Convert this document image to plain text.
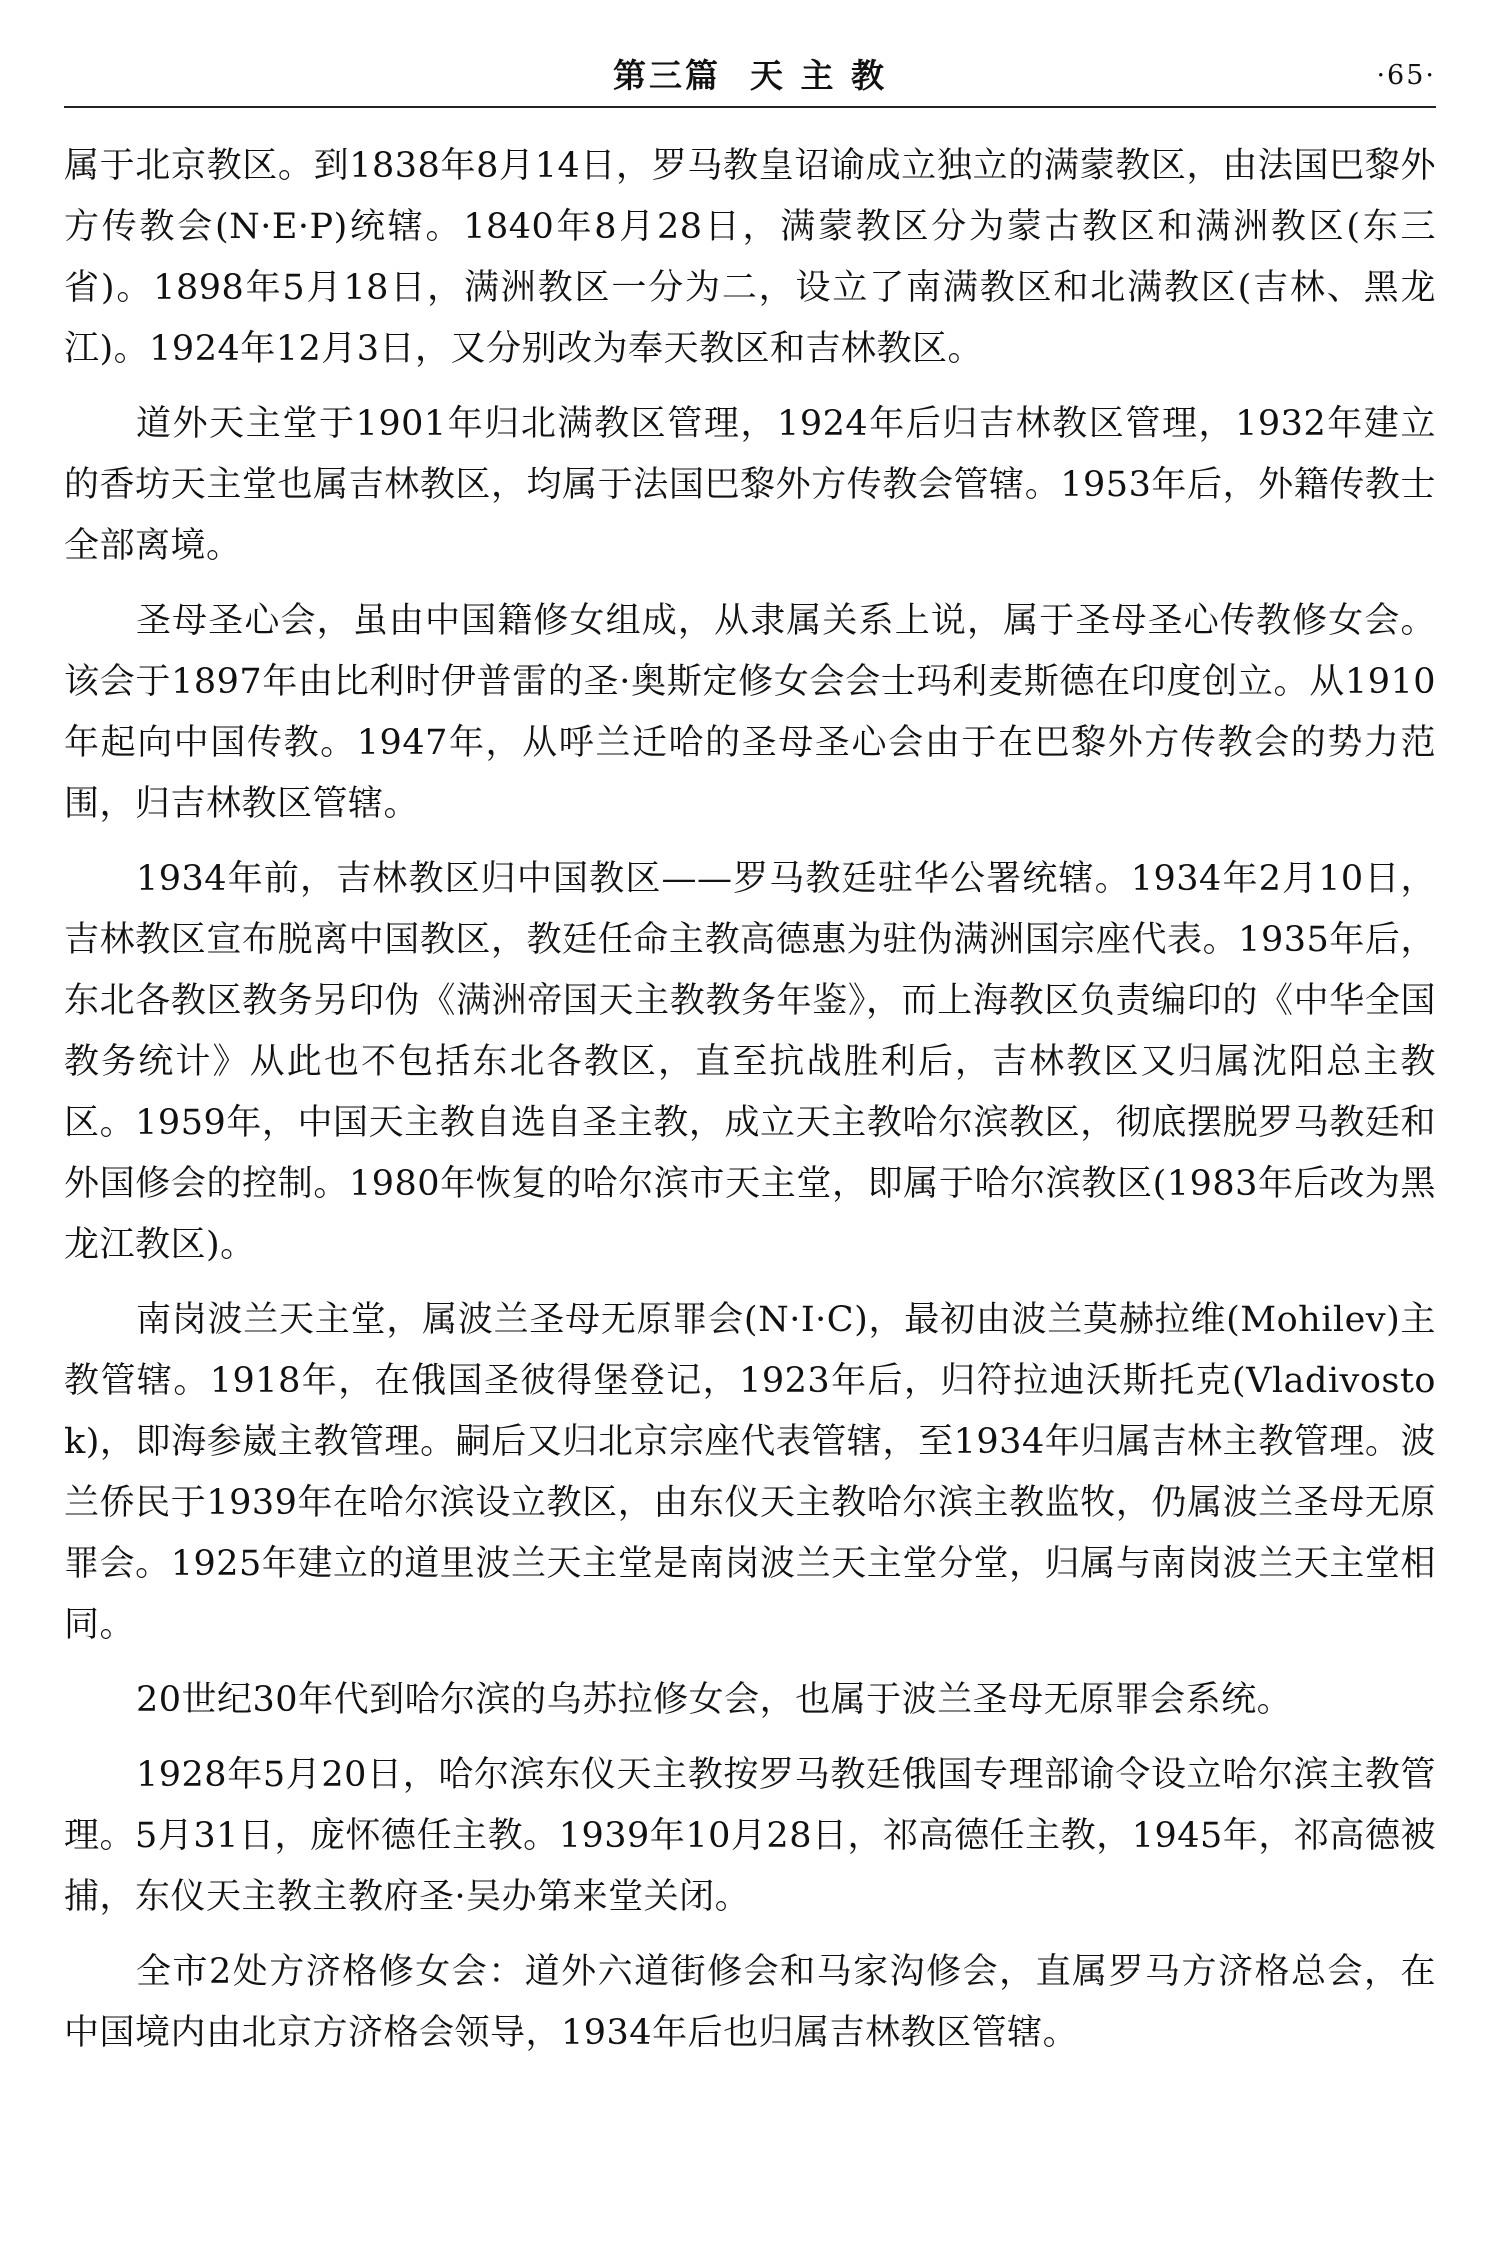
第三篇  天 主 教	·65·

属于北京教区。到1838年8月14日，罗马教皇诏谕成立独立的满蒙教区，由法国巴黎外方传教会(N·E·P)统辖。1840年8月28日，满蒙教区分为蒙古教区和满洲教区(东三省)。1898年5月18日，满洲教区一分为二，设立了南满教区和北满教区(吉林、黑龙江)。1924年12月3日，又分别改为奉天教区和吉林教区。

道外天主堂于1901年归北满教区管理，1924年后归吉林教区管理，1932年建立的香坊天主堂也属吉林教区，均属于法国巴黎外方传教会管辖。1953年后，外籍传教士全部离境。

圣母圣心会，虽由中国籍修女组成，从隶属关系上说，属于圣母圣心传教修女会。该会于1897年由比利时伊普雷的圣·奥斯定修女会会士玛利麦斯德在印度创立。从1910年起向中国传教。1947年，从呼兰迁哈的圣母圣心会由于在巴黎外方传教会的势力范围，归吉林教区管辖。

1934年前，吉林教区归中国教区——罗马教廷驻华公署统辖。1934年2月10日，吉林教区宣布脱离中国教区，教廷任命主教高德惠为驻伪满洲国宗座代表。1935年后，东北各教区教务另印伪《满洲帝国天主教教务年鉴》，而上海教区负责编印的《中华全国教务统计》从此也不包括东北各教区，直至抗战胜利后，吉林教区又归属沈阳总主教区。1959年，中国天主教自选自圣主教，成立天主教哈尔滨教区，彻底摆脱罗马教廷和外国修会的控制。1980年恢复的哈尔滨市天主堂，即属于哈尔滨教区(1983年后改为黑龙江教区)。

南岗波兰天主堂，属波兰圣母无原罪会(N·I·C)，最初由波兰莫赫拉维(Mohilev)主教管辖。1918年，在俄国圣彼得堡登记，1923年后，归符拉迪沃斯托克(Vladivostok)，即海参崴主教管理。嗣后又归北京宗座代表管辖，至1934年归属吉林主教管理。波兰侨民于1939年在哈尔滨设立教区，由东仪天主教哈尔滨主教监牧，仍属波兰圣母无原罪会。1925年建立的道里波兰天主堂是南岗波兰天主堂分堂，归属与南岗波兰天主堂相同。

20世纪30年代到哈尔滨的乌苏拉修女会，也属于波兰圣母无原罪会系统。

1928年5月20日，哈尔滨东仪天主教按罗马教廷俄国专理部谕令设立哈尔滨主教管理。5月31日，庞怀德任主教。1939年10月28日，祁高德任主教，1945年，祁高德被捕，东仪天主教主教府圣·吴办第来堂关闭。

全市2处方济格修女会：道外六道街修会和马家沟修会，直属罗马方济格总会，在中国境内由北京方济格会领导，1934年后也归属吉林教区管辖。
